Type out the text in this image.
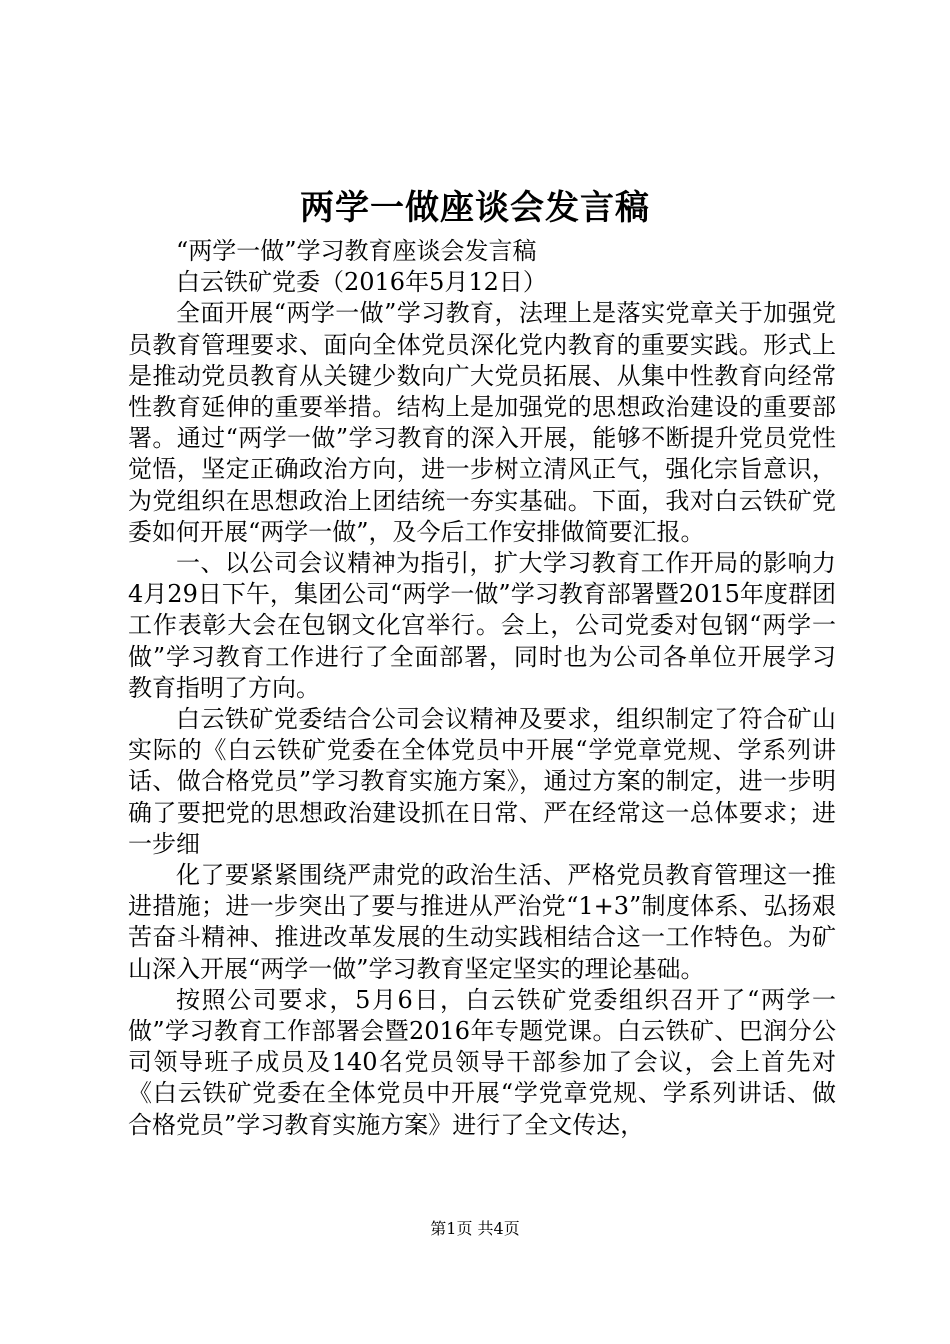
两学一做座谈会发言稿

“两学一做”学习教育座谈会发言稿

白云铁矿党委（2016年5月12日）

全面开展“两学一做”学习教育，法理上是落实党章关于加强党员教育管理要求、面向全体党员深化党内教育的重要实践。形式上是推动党员教育从关键少数向广大党员拓展、从集中性教育向经常性教育延伸的重要举措。结构上是加强党的思想政治建设的重要部署。通过“两学一做”学习教育的深入开展，能够不断提升党员党性觉悟，坚定正确政治方向，进一步树立清风正气，强化宗旨意识，为党组织在思想政治上团结统一夯实基础。下面，我对白云铁矿党委如何开展“两学一做”，及今后工作安排做简要汇报。

一、以公司会议精神为指引，扩大学习教育工作开局的影响力4月29日下午，集团公司“两学一做”学习教育部署暨2015年度群团工作表彰大会在包钢文化宫举行。会上，公司党委对包钢“两学一做”学习教育工作进行了全面部署，同时也为公司各单位开展学习教育指明了方向。

白云铁矿党委结合公司会议精神及要求，组织制定了符合矿山实际的《白云铁矿党委在全体党员中开展“学党章党规、学系列讲话、做合格党员”学习教育实施方案》，通过方案的制定，进一步明确了要把党的思想政治建设抓在日常、严在经常这一总体要求；进一步细

化了要紧紧围绕严肃党的政治生活、严格党员教育管理这一推进措施；进一步突出了要与推进从严治党“1+3”制度体系、弘扬艰苦奋斗精神、推进改革发展的生动实践相结合这一工作特色。为矿山深入开展“两学一做”学习教育坚定坚实的理论基础。

按照公司要求，5月6日，白云铁矿党委组织召开了“两学一做”学习教育工作部署会暨2016年专题党课。白云铁矿、巴润分公司领导班子成员及140名党员领导干部参加了会议，会上首先对《白云铁矿党委在全体党员中开展“学党章党规、学系列讲话、做合格党员”学习教育实施方案》进行了全文传达，

第1页 共4页
